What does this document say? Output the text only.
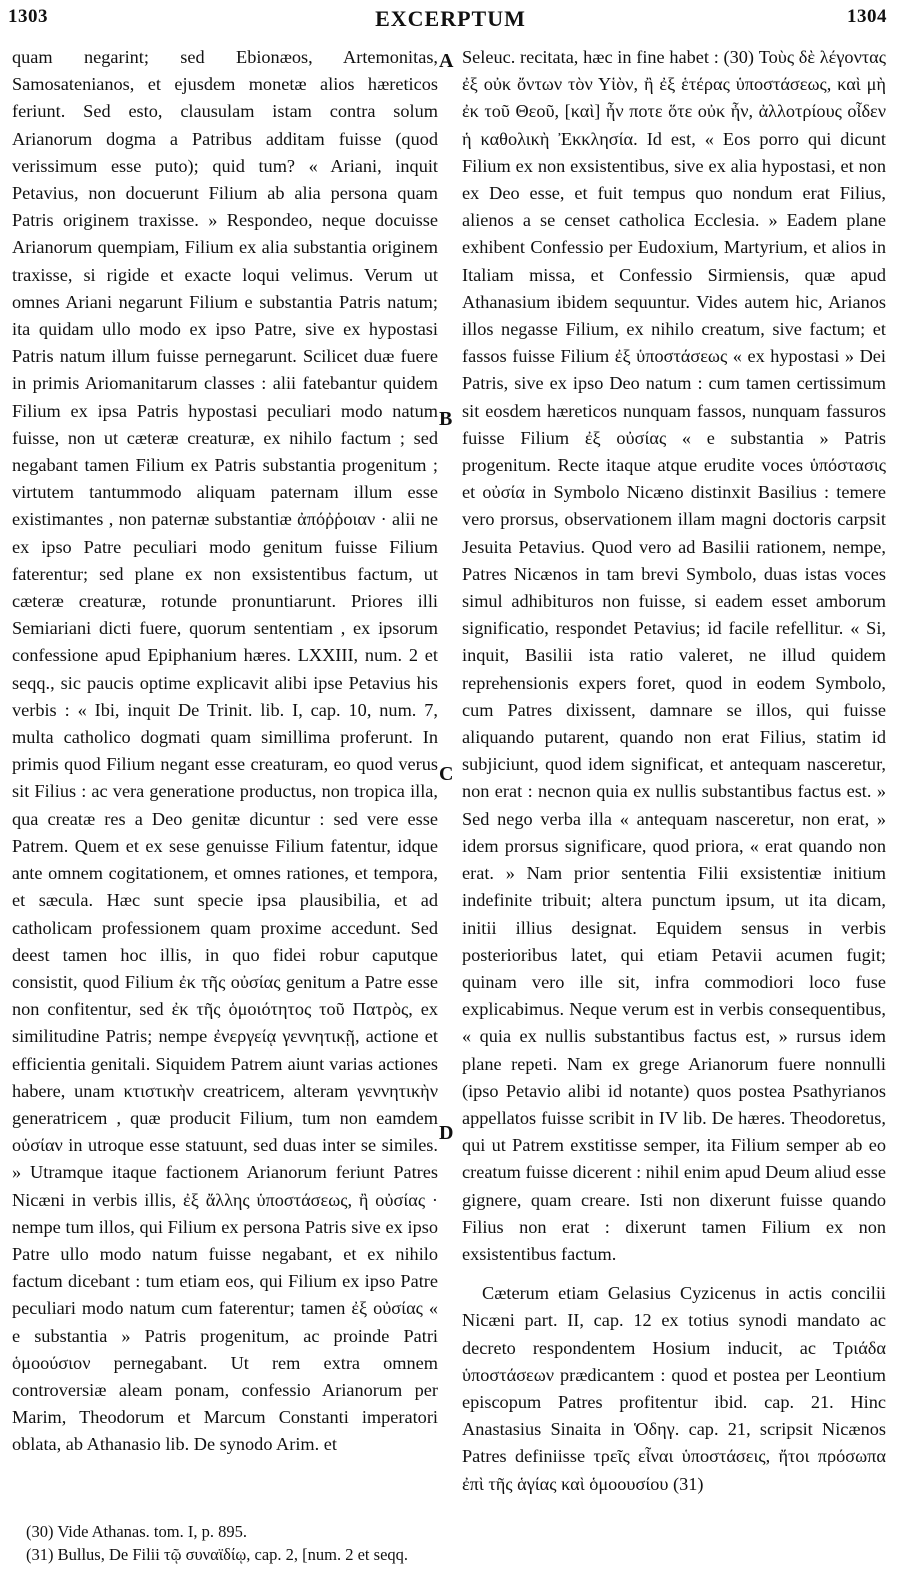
1303	EXCERPTUM	1304

quam negarint; sed Ebionæos, Artemonitas, Samosatenianos, et ejusdem monetæ alios hæreticos feriunt. Sed esto, clausulam istam contra solum Arianorum dogma a Patribus additam fuisse (quod verissimum esse puto); quid tum? « Ariani, inquit Petavius, non docuerunt Filium ab alia persona quam Patris originem traxisse. » Respondeo, neque docuisse Arianorum quempiam, Filium ex alia substantia originem traxisse, si rigide et exacte loqui velimus. Verum ut omnes Ariani negarunt Filium e substantia Patris natum; ita quidam ullo modo ex ipso Patre, sive ex hypostasi Patris natum illum fuisse pernegarunt. Scilicet duæ fuere in primis Ariomanitarum classes : alii fatebantur quidem Filium ex ipsa Patris hypostasi peculiari modo natum fuisse, non ut cæteræ creaturæ, ex nihilo factum ; sed negabant tamen Filium ex Patris substantia progenitum ; virtutem tantummodo aliquam paternam illum esse existimantes , non paternæ substantiæ ἀπόῤῥοιαν · alii ne ex ipso Patre peculiari modo genitum fuisse Filium faterentur; sed plane ex non exsistentibus factum, ut cæteræ creaturæ, rotunde pronuntiarunt. Priores illi Semiariani dicti fuere, quorum sententiam , ex ipsorum confessione apud Epiphanium hæres. LXXIII, num. 2 et seqq., sic paucis optime explicavit alibi ipse Petavius his verbis : « Ibi, inquit De Trinit. lib. I, cap. 10, num. 7, multa catholico dogmati quam simillima proferunt. In primis quod Filium negant esse creaturam, eo quod verus sit Filius : ac vera generatione productus, non tropica illa, qua creatæ res a Deo genitæ dicuntur : sed vere esse Patrem. Quem et ex sese genuisse Filium fatentur, idque ante omnem cogitationem, et omnes rationes, et tempora, et sæcula. Hæc sunt specie ipsa plausibilia, et ad catholicam professionem quam proxime accedunt. Sed deest tamen hoc illis, in quo fidei robur caputque consistit, quod Filium ἐκ τῆς οὐσίας genitum a Patre esse non confitentur, sed ἐκ τῆς ὁμοιότητος τοῦ Πατρὸς, ex similitudine Patris; nempe ἐνεργείᾳ γεννητικῇ, actione et efficientia genitali. Siquidem Patrem aiunt varias actiones habere, unam κτιστικὴν creatricem, alteram γεννητικὴν generatricem , quæ producit Filium, tum non eamdem οὐσίαν in utroque esse statuunt, sed duas inter se similes. » Utramque itaque factionem Arianorum feriunt Patres Nicæni in verbis illis, ἐξ ἄλλης ὑποστάσεως, ἢ οὐσίας · nempe tum illos, qui Filium ex persona Patris sive ex ipso Patre ullo modo natum fuisse negabant, et ex nihilo factum dicebant : tum etiam eos, qui Filium ex ipso Patre peculiari modo natum cum faterentur; tamen ἐξ οὐσίας « e substantia » Patris progenitum, ac proinde Patri ὁμοούσιον pernegabant. Ut rem extra omnem controversiæ aleam ponam, confessio Arianorum per Marim, Theodorum et Marcum Constanti imperatori oblata, ab Athanasio lib. De synodo Arim. et

A
B
C
D

Seleuc. recitata, hæc in fine habet : (30) Τοὺς δὲ λέγοντας ἐξ οὐκ ὄντων τὸν Υἱὸν, ἢ ἐξ ἑτέρας ὑποστάσεως, καὶ μὴ ἐκ τοῦ Θεοῦ, [καὶ] ἦν ποτε ὅτε οὐκ ἦν, ἀλλοτρίους οἶδεν ἡ καθολικὴ Ἐκκλησία. Id est, « Eos porro qui dicunt Filium ex non exsistentibus, sive ex alia hypostasi, et non ex Deo esse, et fuit tempus quo nondum erat Filius, alienos a se censet catholica Ecclesia. » Eadem plane exhibent Confessio per Eudoxium, Martyrium, et alios in Italiam missa, et Confessio Sirmiensis, quæ apud Athanasium ibidem sequuntur. Vides autem hic, Arianos illos negasse Filium, ex nihilo creatum, sive factum; et fassos fuisse Filium ἐξ ὑποστάσεως « ex hypostasi » Dei Patris, sive ex ipso Deo natum : cum tamen certissimum sit eosdem hæreticos nunquam fassos, nunquam fassuros fuisse Filium ἐξ οὐσίας « e substantia » Patris progenitum. Recte itaque atque erudite voces ὑπόστασις et οὐσία in Symbolo Nicæno distinxit Basilius : temere vero prorsus, observationem illam magni doctoris carpsit Jesuita Petavius. Quod vero ad Basilii rationem, nempe, Patres Nicænos in tam brevi Symbolo, duas istas voces simul adhibituros non fuisse, si eadem esset amborum significatio, respondet Petavius; id facile refellitur. « Si, inquit, Basilii ista ratio valeret, ne illud quidem reprehensionis expers foret, quod in eodem Symbolo, cum Patres dixissent, damnare se illos, qui fuisse aliquando putarent, quando non erat Filius, statim id subjiciunt, quod idem significat, et antequam nasceretur, non erat : necnon quia ex nullis substantibus factus est. » Sed nego verba illa « antequam nasceretur, non erat, » idem prorsus significare, quod priora, « erat quando non erat. » Nam prior sententia Filii exsistentiæ initium indefinite tribuit; altera punctum ipsum, ut ita dicam, initii illius designat. Equidem sensus in verbis posterioribus latet, qui etiam Petavii acumen fugit; quinam vero ille sit, infra commodiori loco fuse explicabimus. Neque verum est in verbis consequentibus, « quia ex nullis substantibus factus est, » rursus idem plane repeti. Nam ex grege Arianorum fuere nonnulli (ipso Petavio alibi id notante) quos postea Psathyrianos appellatos fuisse scribit in IV lib. De hæres. Theodoretus, qui ut Patrem exstitisse semper, ita Filium semper ab eo creatum fuisse dicerent : nihil enim apud Deum aliud esse gignere, quam creare. Isti non dixerunt fuisse quando Filius non erat : dixerunt tamen Filium ex non exsistentibus factum.

Cæterum etiam Gelasius Cyzicenus in actis concilii Nicæni part. II, cap. 12 ex totius synodi mandato ac decreto respondentem Hosium inducit, ac Τριάδα ὑποστάσεων prædicantem : quod et postea per Leontium episcopum Patres profitentur ibid. cap. 21. Hinc Anastasius Sinaita in Ὁδηγ. cap. 21, scripsit Nicænos Patres definiisse τρεῖς εἶναι ὑποστάσεις, ἤτοι πρόσωπα ἐπὶ τῆς ἁγίας καὶ ὁμοουσίου (31)

(30) Vide Athanas. tom. I, p. 895.
(31) Bullus, De Filii τῷ συναϊδίῳ, cap. 2, [num. 2 et seqq.
